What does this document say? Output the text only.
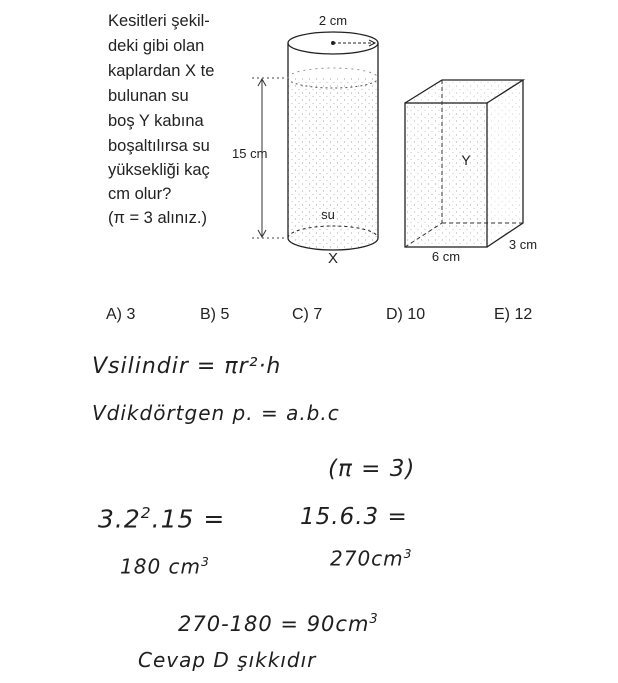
Kesitleri şekil-
deki gibi olan
kaplardan X te
bulunan su
boş Y kabına
boşaltılırsa su
yüksekliği kaç
cm olur?
(π = 3 alınız.)
2 cm
15 cm
su
X
Y
6 cm
3 cm
A) 3	B) 5	C) 7	D) 10	E) 12
Vsilindir = πr²·h
Vdikdörtgen p. = a.b.c
(π = 3)
$3.2^2.15$ =	15.6.3 =
180 $cm^3$	$270cm^3$
$270-180 = 90cm^3$
Cevap D şıkkıdır
